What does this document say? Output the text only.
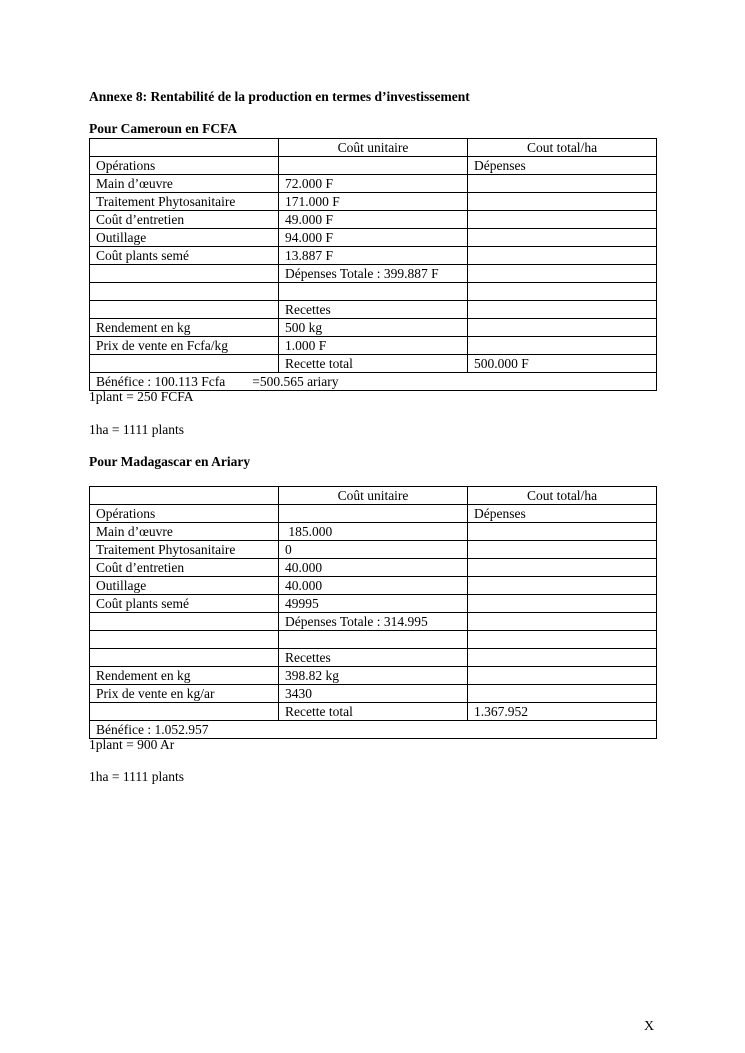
Annexe 8: Rentabilité de la production en termes d’investissement
Pour Cameroun en FCFA
	Coût unitaire	Cout total/ha
Opérations		Dépenses
Main d’œuvre	72.000 F	
Traitement Phytosanitaire	171.000 F	
Coût d’entretien	49.000 F	
Outillage	94.000 F	
Coût plants semé	13.887 F	
	Dépenses Totale : 399.887 F	

	Recettes	
Rendement en kg	500 kg	
Prix de vente en Fcfa/kg	1.000 F	
	Recette total	500.000 F
Bénéfice : 100.113 Fcfa        =500.565 ariary		
1plant = 250 FCFA
1ha = 1111 plants
Pour Madagascar en Ariary
	Coût unitaire	Cout total/ha
Opérations		Dépenses
Main d’œuvre	185.000	
Traitement Phytosanitaire	0	
Coût d’entretien	40.000	
Outillage	40.000	
Coût plants semé	49995	
	Dépenses Totale : 314.995	

	Recettes	
Rendement en kg	398.82 kg	
Prix de vente en kg/ar	3430	
	Recette total	1.367.952
Bénéfice : 1.052.957		
1plant = 900 Ar
1ha = 1111 plants
X
